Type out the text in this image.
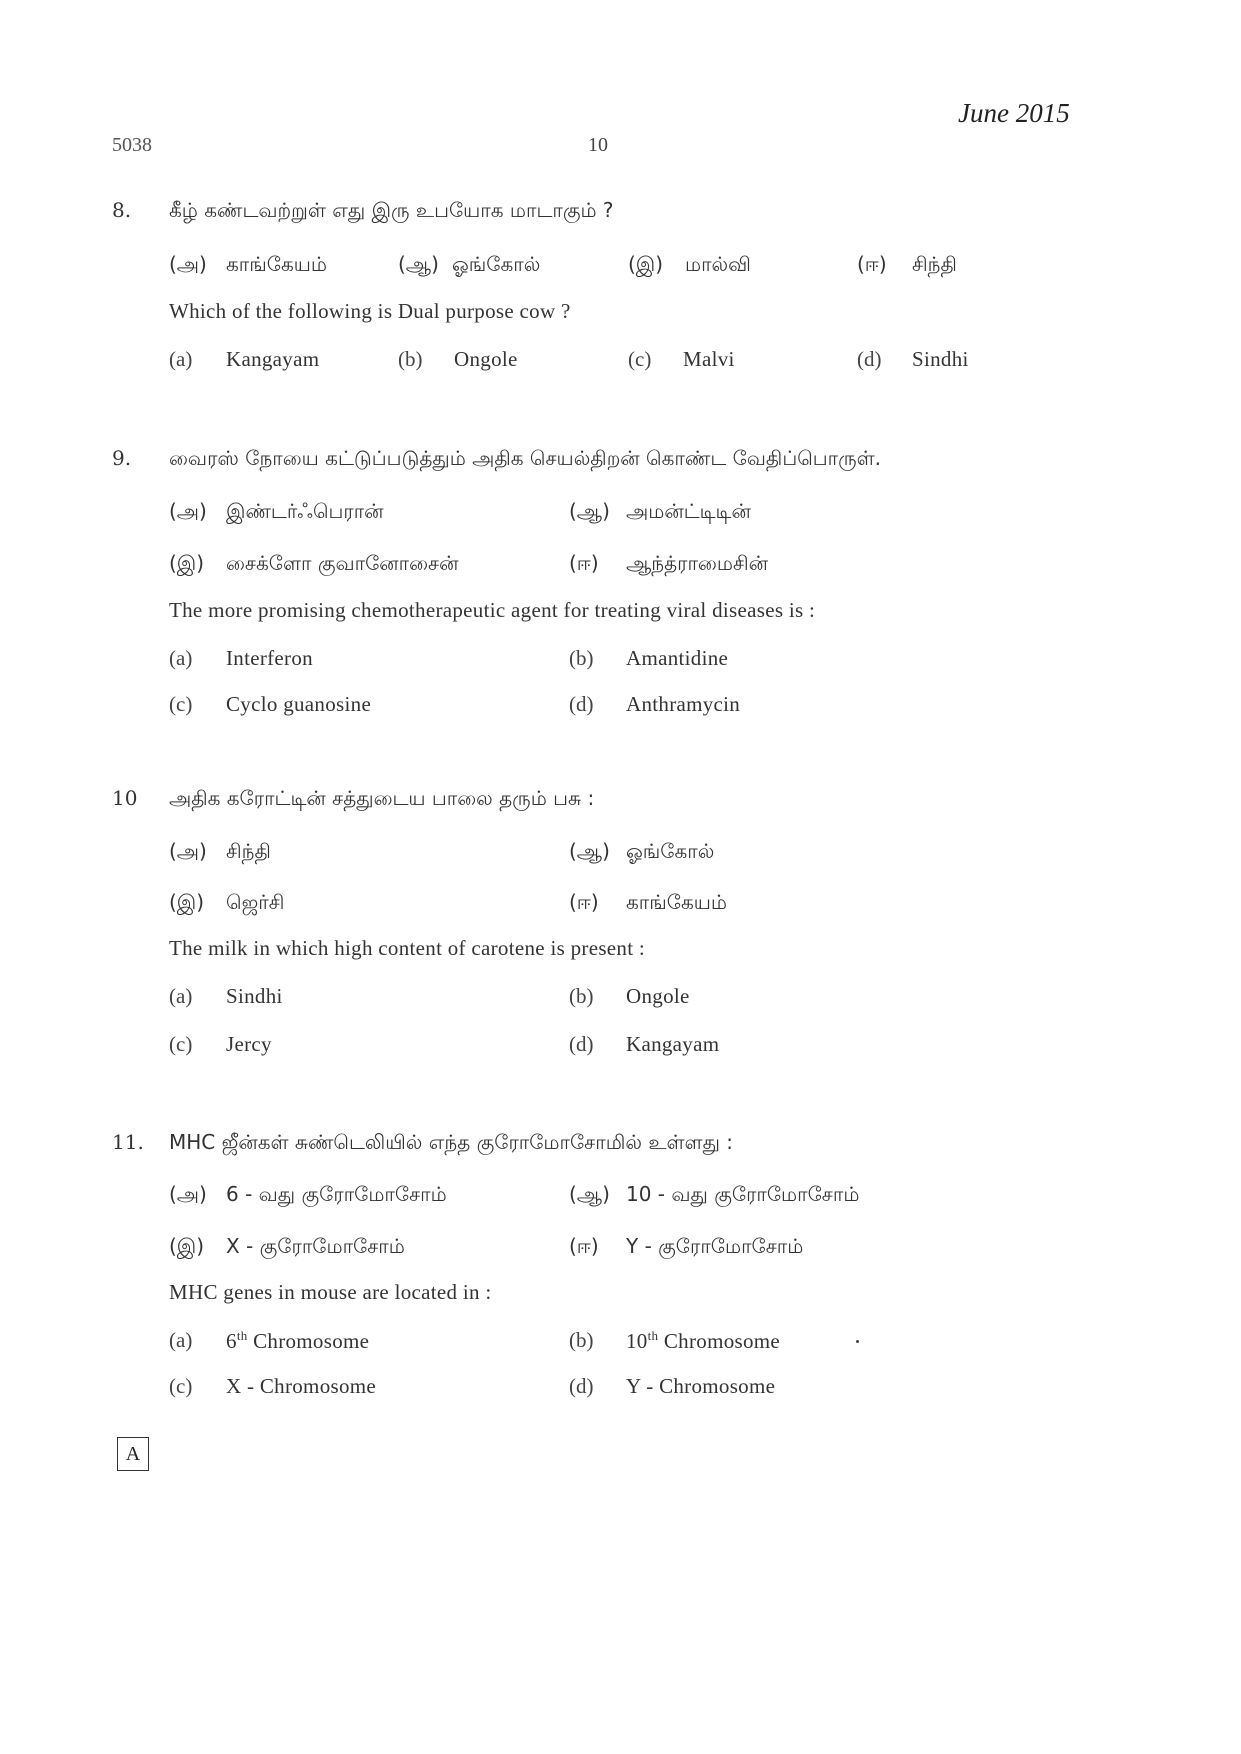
June 2015
5038	10
8. கீழ் கண்டவற்றுள் எது இரு உபயோக மாடாகும் ?
(அ) காங்கேயம்	(ஆ) ஓங்கோல்	(இ) மால்வி	(ஈ) சிந்தி
Which of the following is Dual purpose cow ?
(a) Kangayam	(b) Ongole	(c) Malvi	(d) Sindhi
9. வைரஸ் நோயை கட்டுப்படுத்தும் அதிக செயல்திறன் கொண்ட வேதிப்பொருள்.
(அ) இண்டர்ஃபெரான்	(ஆ) அமன்ட்டிடின்
(இ) சைக்ளோ குவானோசைன்	(ஈ) ஆந்த்ராமைசின்
The more promising chemotherapeutic agent for treating viral diseases is :
(a) Interferon	(b) Amantidine
(c) Cyclo guanosine	(d) Anthramycin
10 அதிக கரோட்டின் சத்துடைய பாலை தரும் பசு :
(அ) சிந்தி	(ஆ) ஓங்கோல்
(இ) ஜெர்சி	(ஈ) காங்கேயம்
The milk in which high content of carotene is present :
(a) Sindhi	(b) Ongole
(c) Jercy	(d) Kangayam
11. MHC ஜீன்கள் சுண்டெலியில் எந்த குரோமோசோமில் உள்ளது :
(அ) 6 - வது குரோமோசோம்	(ஆ) 10 - வது குரோமோசோம்
(இ) X - குரோமோசோம்	(ஈ) Y - குரோமோசோம்
MHC genes in mouse are located in :
(a) 6th Chromosome	(b) 10th Chromosome
(c) X - Chromosome	(d) Y - Chromosome
A
